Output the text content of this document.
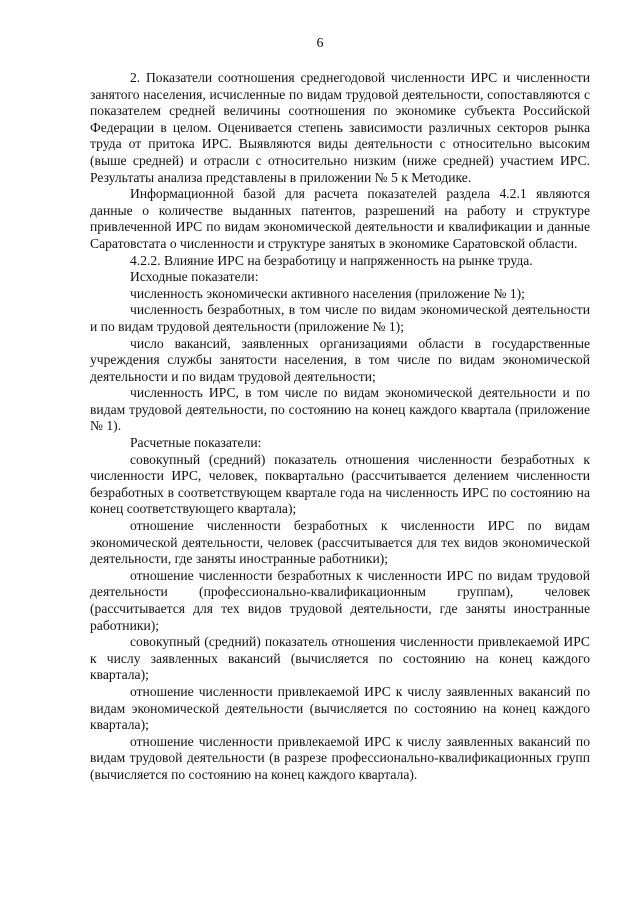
6

2. Показатели соотношения среднегодовой численности ИРС и численности занятого населения, исчисленные по видам трудовой деятельности, сопоставляются с показателем средней величины соотношения по экономике субъекта Российской Федерации в целом. Оценивается степень зависимости различных секторов рынка труда от притока ИРС. Выявляются виды деятельности с относительно высоким (выше средней) и отрасли с относительно низким (ниже средней) участием ИРС. Результаты анализа представлены в приложении № 5 к Методике.

Информационной базой для расчета показателей раздела 4.2.1 являются данные о количестве выданных патентов, разрешений на работу и структуре привлеченной ИРС по видам экономической деятельности и квалификации и данные Саратовстата о численности и структуре занятых в экономике Саратовской области.

4.2.2. Влияние ИРС на безработицу и напряженность на рынке труда.

Исходные показатели:

численность экономически активного населения (приложение № 1);

численность безработных, в том числе по видам экономической деятельности и по видам трудовой деятельности (приложение № 1);

число вакансий, заявленных организациями области в государственные учреждения службы занятости населения, в том числе по видам экономической деятельности и по видам трудовой деятельности;

численность ИРС, в том числе по видам экономической деятельности и по видам трудовой деятельности, по состоянию на конец каждого квартала (приложение № 1).

Расчетные показатели:

совокупный (средний) показатель отношения численности безработных к численности ИРС, человек, поквартально (рассчитывается делением численности безработных в соответствующем квартале года на численность ИРС по состоянию на конец соответствующего квартала);

отношение численности безработных к численности ИРС по видам экономической деятельности, человек (рассчитывается для тех видов экономической деятельности, где заняты иностранные работники);

отношение численности безработных к численности ИРС по видам трудовой деятельности (профессионально-квалификационным группам), человек (рассчитывается для тех видов трудовой деятельности, где заняты иностранные работники);

совокупный (средний) показатель отношения численности привлекаемой ИРС к числу заявленных вакансий (вычисляется по состоянию на конец каждого квартала);

отношение численности привлекаемой ИРС к числу заявленных вакансий по видам экономической деятельности (вычисляется по состоянию на конец каждого квартала);

отношение численности привлекаемой ИРС к числу заявленных вакансий по видам трудовой деятельности (в разрезе профессионально-квалификационных групп (вычисляется по состоянию на конец каждого квартала).
